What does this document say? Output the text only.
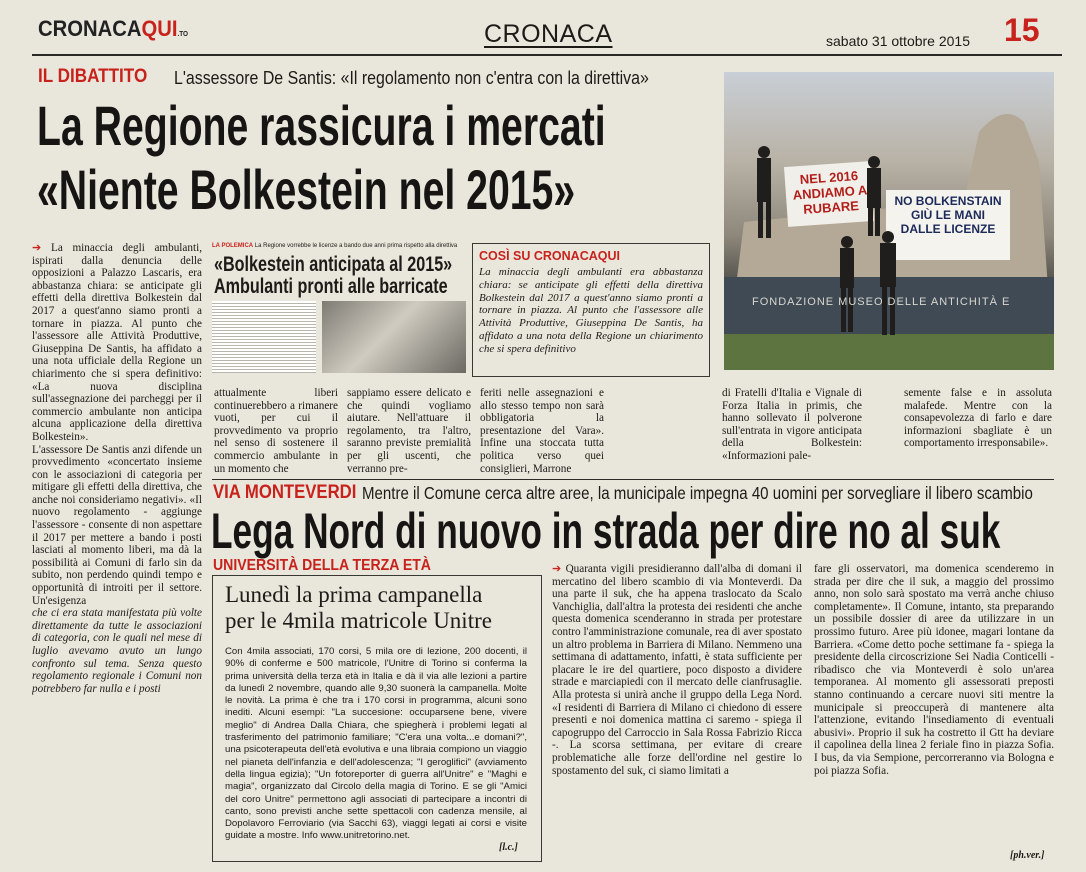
CRONACAQUI.TO	CRONACA	sabato 31 ottobre 2015 15
IL DIBATTITO L'assessore De Santis: «Il regolamento non c'entra con la direttiva»
La Regione rassicura i mercati
«Niente Bolkestein nel 2015»	NEL 2016 ANDIAMO A RUBARE	NO BOLKENSTAIN GIÙ LE MANI DALLE LICENZE
FONDAZIONE MUSEO DELLE ANTICHITÀ E
LA POLEMICA La Regione vorrebbe le licenze a bando due anni prima rispetto alla direttiva
«Bolkestein anticipata al 2015»
Ambulanti pronti alle barricate
COSÌ SU CRONACAQUI
La minaccia degli ambulanti era abbastanza chiara: se anticipate gli effetti della direttiva Bolkestein dal 2017 a quest'anno siamo pronti a tornare in piazza. Al punto che l'assessore alle Attività Produttive, Giuseppina De Santis, ha affidato a una nota della Regione un chiarimento che si spera definitivo

➔ La minaccia degli ambulanti, ispirati dalla denuncia delle opposizioni a Palazzo Lascaris, era abbastanza chiara: se anticipate gli effetti della direttiva Bolkestein dal 2017 a quest'anno siamo pronti a tornare in piazza. Al punto che l'assessore alle Attività Produttive, Giuseppina De Santis, ha affidato a una nota ufficiale della Regione un chiarimento che si spera definitivo: «La nuova disciplina sull'assegnazione dei parcheggi per il commercio ambulante non anticipa alcuna applicazione della direttiva Bolkestein».

L'assessore De Santis anzi difende un provvedimento «concertato insieme con le associazioni di categoria per mitigare gli effetti della direttiva, che anche noi consideriamo negativi». «Il nuovo regolamento - aggiunge l'assessore - consente di non aspettare il 2017 per mettere a bando i posti lasciati al momento liberi, ma dà la possibilità ai Comuni di farlo sin da subito, non perdendo quindi tempo e opportunità di introiti per il settore. Un'esigenza

che ci era stata manifestata più volte direttamente da tutte le associazioni di categoria, con le quali nel mese di luglio avevamo avuto un lungo confronto sul tema. Senza questo regolamento regionale i Comuni non potrebbero far nulla e i posti

attualmente liberi continuerebbero a rimanere vuoti, per cui il provvedimento va proprio nel senso di sostenere il commercio ambulante in un momento che
sappiamo essere delicato e che quindi vogliamo aiutare. Nell'attuare il regolamento, tra l'altro, saranno previste premialità per gli uscenti, che verranno pre-
feriti nelle assegnazioni e allo stesso tempo non sarà obbligatoria la presentazione del Vara». Infine una stoccata tutta politica verso quei consiglieri, Marrone
di Fratelli d'Italia e Vignale di Forza Italia in primis, che hanno sollevato il polverone sull'entrata in vigore anticipata della Bolkestein: «Informazioni pale-
semente false e in assoluta malafede. Mentre con la consapevolezza di farlo e dare informazioni sbagliate è un comportamento irresponsabile».
VIA MONTEVERDI Mentre il Comune cerca altre aree, la municipale impegna 40 uomini per sorvegliare il libero scambio
Lega Nord di nuovo in strada per dire no al suk
UNIVERSITÀ DELLA TERZA ETÀ
Lunedì la prima campanella
per le 4mila matricole Unitre
Con 4mila associati, 170 corsi, 5 mila ore di lezione, 200 docenti, il 90% di conferme e 500 matricole, l'Unitre di Torino si conferma la prima università della terza età in Italia e dà il via alle lezioni a partire da lunedì 2 novembre, quando alle 9,30 suonerà la campanella. Molte le novità. La prima è che tra i 170 corsi in programma, alcuni sono inediti. Alcuni esempi: "La succesione: occuparsene bene, vivere meglio" di Andrea Dalla Chiara, che spiegherà i problemi legati al trasferimento del patrimonio familiare; "C'era una volta...e domani?", una psicoterapeuta dell'età evolutiva e una libraia compiono un viaggio nel pianeta dell'infanzia e dell'adolescenza; "I geroglifici" (avviamento della lingua egizia); "Un fotoreporter di guerra all'Unitre" e "Maghi e magia", organizzato dal Circolo della magia di Torino. E se gli "Amici del coro Unitre" permettono agli associati di partecipare a incontri di canto, sono previsti anche sette spettacoli con cadenza mensile, al Dopolavoro Ferroviario (via Sacchi 63), viaggi legati ai corsi e visite guidate a mostre. Info www.unitretorino.net.
[l.c.]

➔ Quaranta vigili presidieranno dall'alba di domani il mercatino del libero scambio di via Monteverdi. Da una parte il suk, che ha appena traslocato da Scalo Vanchiglia, dall'altra la protesta dei residenti che anche questa domenica scenderanno in strada per protestare contro l'amministrazione comunale, rea di aver spostato un altro problema in Barriera di Milano. Nemmeno una settimana di adattamento, infatti, è stata sufficiente per placare le ire del quartiere, poco disposto a dividere strade e marciapiedi con il mercato delle cianfrusaglie. Alla protesta si unirà anche il gruppo della Lega Nord. «I residenti di Barriera di Milano ci chiedono di essere presenti e noi domenica mattina ci saremo - spiega il capogruppo del Carroccio in Sala Rossa Fabrizio Ricca -. La scorsa settimana, per evitare di creare problematiche alle forze dell'ordine nel gestire lo spostamento del suk, ci siamo limitati a

fare gli osservatori, ma domenica scenderemo in strada per dire che il suk, a maggio del prossimo anno, non solo sarà spostato ma verrà anche chiuso completamente». Il Comune, intanto, sta preparando un possibile dossier di aree da utilizzare in un prossimo futuro. Aree più idonee, magari lontane da Barriera. «Come detto poche settimane fa - spiega la presidente della circoscrizione Sei Nadia Conticelli - ribadisco che via Monteverdi è solo un'area temporanea. Al momento gli assessorati preposti stanno continuando a cercare nuovi siti mentre la municipale si preoccuperà di mantenere alta l'attenzione, evitando l'insediamento di eventuali abusivi». Proprio il suk ha costretto il Gtt ha deviare il capolinea della linea 2 feriale fino in piazza Sofia. I bus, da via Sempione, percorreranno via Bologna e poi piazza Sofia.
[ph.ver.]
